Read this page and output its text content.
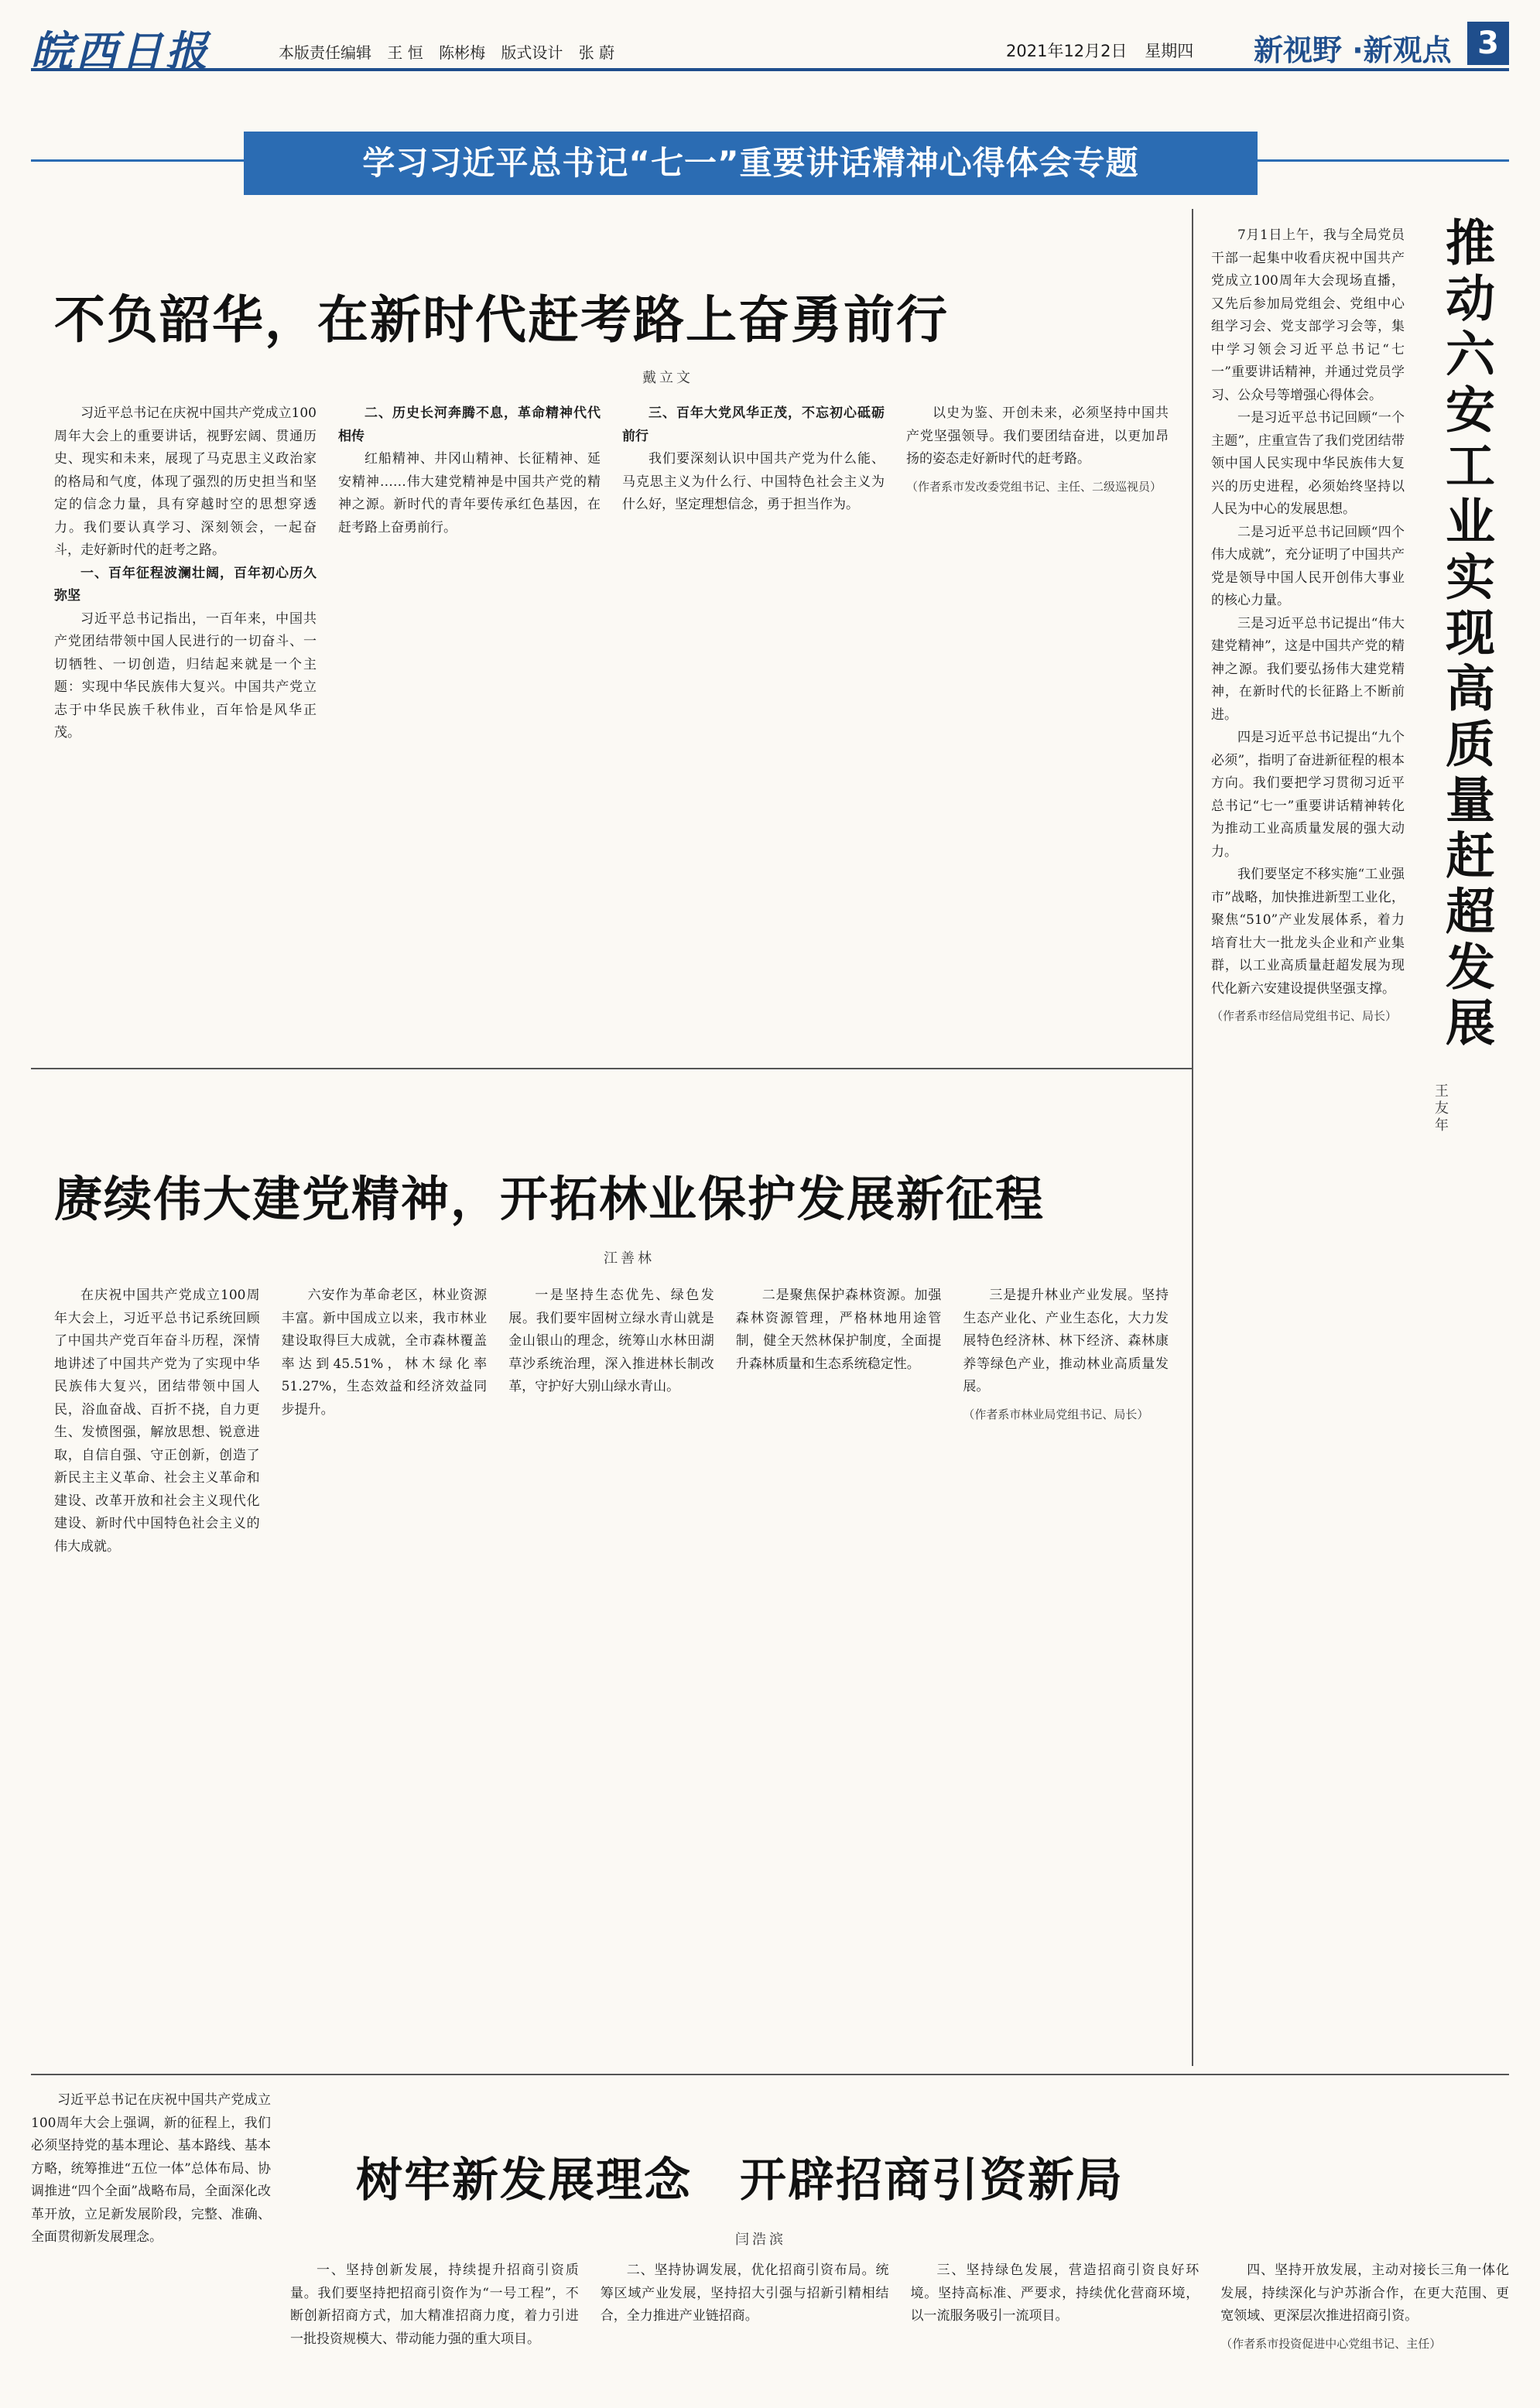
皖西日报	本版责任编辑 王 恒 陈彬梅 版式设计 张 蔚	2021年12月2日 星期四	新视野 ·新观点 3
学习习近平总书记“七一”重要讲话精神心得体会专题
不负韶华，在新时代赶考路上奋勇前行
戴立文

习近平总书记在庆祝中国共产党成立100周年大会上的重要讲话，视野宏阔、贯通历史、现实和未来，展现了马克思主义政治家的格局和气度，体现了强烈的历史担当和坚定的信念力量，具有穿越时空的思想穿透力。我们要认真学习、深刻领会，一起奋斗，走好新时代的赶考之路。

一、百年征程波澜壮阔，百年初心历久弥坚

习近平总书记指出，一百年来，中国共产党团结带领中国人民进行的一切奋斗、一切牺牲、一切创造，归结起来就是一个主题：实现中华民族伟大复兴。中国共产党立志于中华民族千秋伟业，百年恰是风华正茂。

二、历史长河奔腾不息，革命精神代代相传

红船精神、井冈山精神、长征精神、延安精神……伟大建党精神是中国共产党的精神之源。新时代的青年要传承红色基因，在赶考路上奋勇前行。

三、百年大党风华正茂，不忘初心砥砺前行

我们要深刻认识中国共产党为什么能、马克思主义为什么行、中国特色社会主义为什么好，坚定理想信念，勇于担当作为。

以史为鉴、开创未来，必须坚持中国共产党坚强领导。我们要团结奋进，以更加昂扬的姿态走好新时代的赶考路。

（作者系市发改委党组书记、主任、二级巡视员）

赓续伟大建党精神，开拓林业保护发展新征程
江善林

在庆祝中国共产党成立100周年大会上，习近平总书记系统回顾了中国共产党百年奋斗历程，深情地讲述了中国共产党为了实现中华民族伟大复兴，团结带领中国人民，浴血奋战、百折不挠，自力更生、发愤图强，解放思想、锐意进取，自信自强、守正创新，创造了新民主主义革命、社会主义革命和建设、改革开放和社会主义现代化建设、新时代中国特色社会主义的伟大成就。

六安作为革命老区，林业资源丰富。新中国成立以来，我市林业建设取得巨大成就，全市森林覆盖率达到45.51%，林木绿化率51.27%，生态效益和经济效益同步提升。

一是坚持生态优先、绿色发展。我们要牢固树立绿水青山就是金山银山的理念，统筹山水林田湖草沙系统治理，深入推进林长制改革，守护好大别山绿水青山。

二是聚焦保护森林资源。加强森林资源管理，严格林地用途管制，健全天然林保护制度，全面提升森林质量和生态系统稳定性。

三是提升林业产业发展。坚持生态产业化、产业生态化，大力发展特色经济林、林下经济、森林康养等绿色产业，推动林业高质量发展。

（作者系市林业局党组书记、局长）

习近平总书记在庆祝中国共产党成立100周年大会上强调，新的征程上，我们必须坚持党的基本理论、基本路线、基本方略，统筹推进“五位一体”总体布局、协调推进“四个全面”战略布局，全面深化改革开放，立足新发展阶段，完整、准确、全面贯彻新发展理念。

树牢新发展理念　开辟招商引资新局
闫浩滨

一、坚持创新发展，持续提升招商引资质量。我们要坚持把招商引资作为“一号工程”，不断创新招商方式，加大精准招商力度，着力引进一批投资规模大、带动能力强的重大项目。

二、坚持协调发展，优化招商引资布局。统筹区域产业发展，坚持招大引强与招新引精相结合，全力推进产业链招商。

三、坚持绿色发展，营造招商引资良好环境。坚持高标准、严要求，持续优化营商环境，以一流服务吸引一流项目。

四、坚持开放发展，主动对接长三角一体化发展，持续深化与沪苏浙合作，在更大范围、更宽领域、更深层次推进招商引资。

（作者系市投资促进中心党组书记、主任）

推动六安工业实现高质量赶超发展
王友年

7月1日上午，我与全局党员干部一起集中收看庆祝中国共产党成立100周年大会现场直播，又先后参加局党组会、党组中心组学习会、党支部学习会等，集中学习领会习近平总书记“七一”重要讲话精神，并通过党员学习、公众号等增强心得体会。

一是习近平总书记回顾“一个主题”，庄重宣告了我们党团结带领中国人民实现中华民族伟大复兴的历史进程，必须始终坚持以人民为中心的发展思想。

二是习近平总书记回顾“四个伟大成就”，充分证明了中国共产党是领导中国人民开创伟大事业的核心力量。

三是习近平总书记提出“伟大建党精神”，这是中国共产党的精神之源。我们要弘扬伟大建党精神，在新时代的长征路上不断前进。

四是习近平总书记提出“九个必须”，指明了奋进新征程的根本方向。我们要把学习贯彻习近平总书记“七一”重要讲话精神转化为推动工业高质量发展的强大动力。

我们要坚定不移实施“工业强市”战略，加快推进新型工业化，聚焦“510”产业发展体系，着力培育壮大一批龙头企业和产业集群，以工业高质量赶超发展为现代化新六安建设提供坚强支撑。

（作者系市经信局党组书记、局长）
